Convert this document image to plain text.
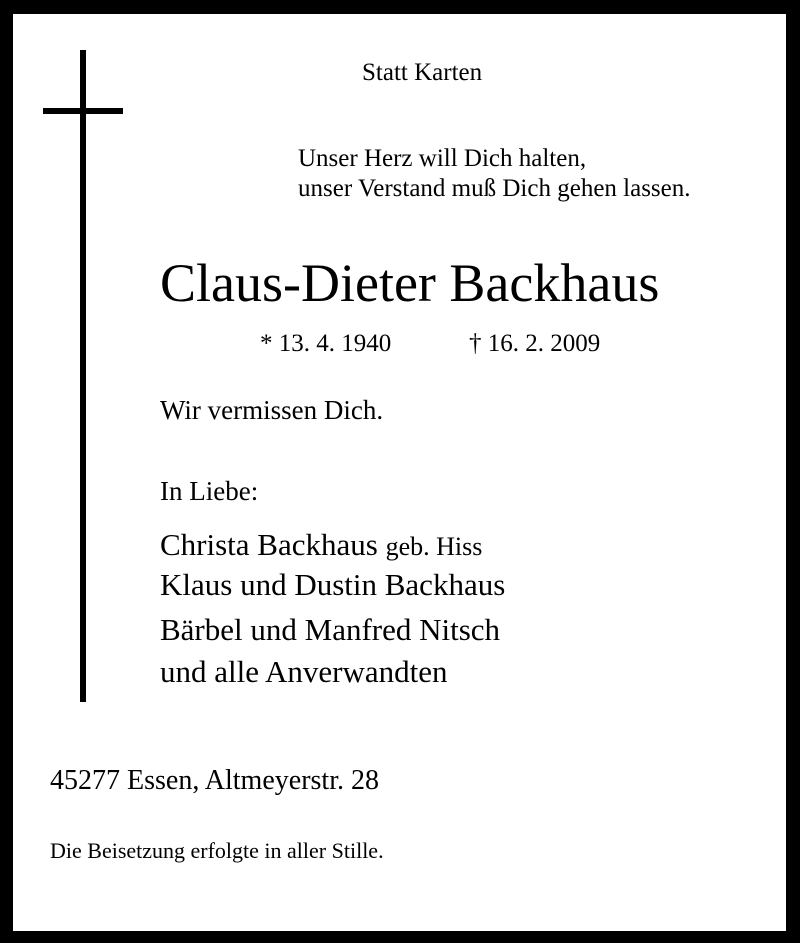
Statt Karten
Unser Herz will Dich halten,
unser Verstand muß Dich gehen lassen.
Claus-Dieter Backhaus
* 13. 4. 1940	† 16. 2. 2009
Wir vermissen Dich.
In Liebe:
Christa Backhaus geb. Hiss
Klaus und Dustin Backhaus
Bärbel und Manfred Nitsch
und alle Anverwandten
45277 Essen, Altmeyerstr. 28
Die Beisetzung erfolgte in aller Stille.
